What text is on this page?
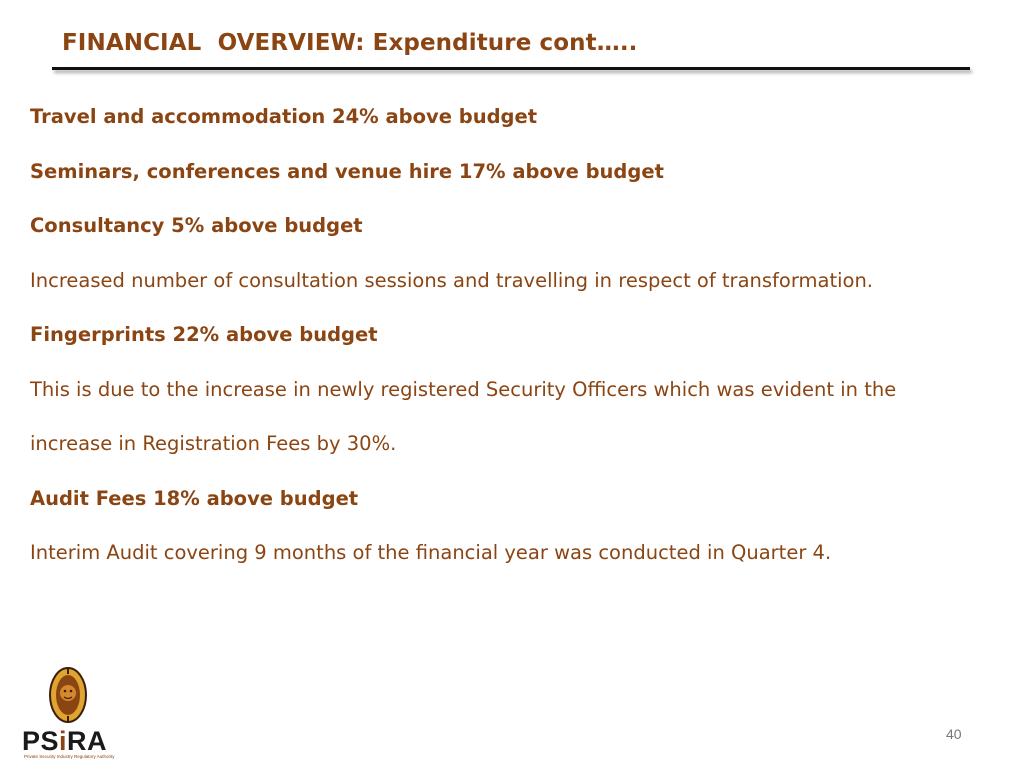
FINANCIAL  OVERVIEW: Expenditure cont…..
Travel and accommodation 24% above budget
Seminars, conferences and venue hire 17% above budget
Consultancy 5% above budget
Increased number of consultation sessions and travelling in respect of transformation.
Fingerprints 22% above budget
This is due to the increase in newly registered Security Officers which was evident in the
increase in Registration Fees by 30%.
Audit Fees 18% above budget
Interim Audit covering 9 months of the financial year was conducted in Quarter 4.
PSiRA
Private Security Industry Regulatory Authority
40
